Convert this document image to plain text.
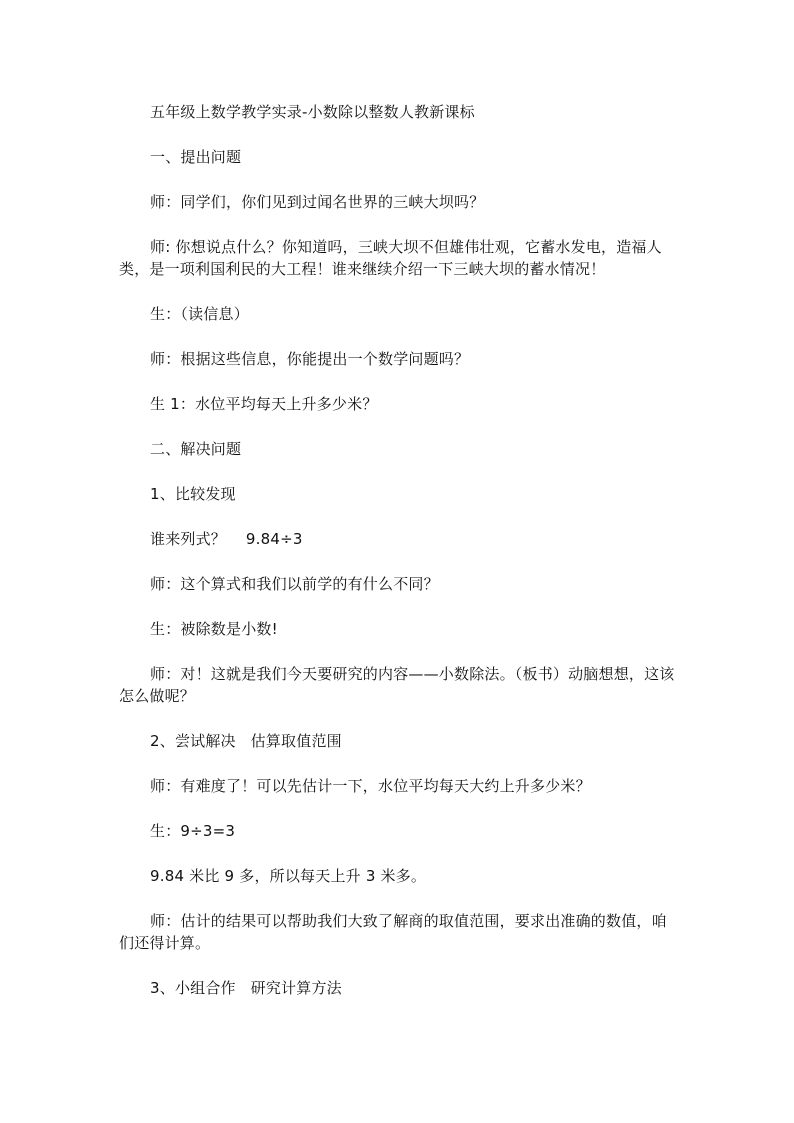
五年级上数学教学实录-小数除以整数人教新课标

一、提出问题

师：同学们，你们见到过闻名世界的三峡大坝吗？

师: 你想说点什么？你知道吗，三峡大坝不但雄伟壮观，它蓄水发电，造福人类，是一项利国利民的大工程！谁来继续介绍一下三峡大坝的蓄水情况！

生：（读信息）

师：根据这些信息，你能提出一个数学问题吗？

生 1：水位平均每天上升多少米？

二、解决问题

1、比较发现

谁来列式？    9.84÷3

师：这个算式和我们以前学的有什么不同？

生：被除数是小数!

师：对！这就是我们今天要研究的内容——小数除法。（板书）动脑想想，这该怎么做呢？

2、尝试解决   估算取值范围

师：有难度了！可以先估计一下，水位平均每天大约上升多少米？

生：9÷3=3

9.84 米比 9 多，所以每天上升 3 米多。

师：估计的结果可以帮助我们大致了解商的取值范围，要求出准确的数值，咱们还得计算。

3、小组合作   研究计算方法
